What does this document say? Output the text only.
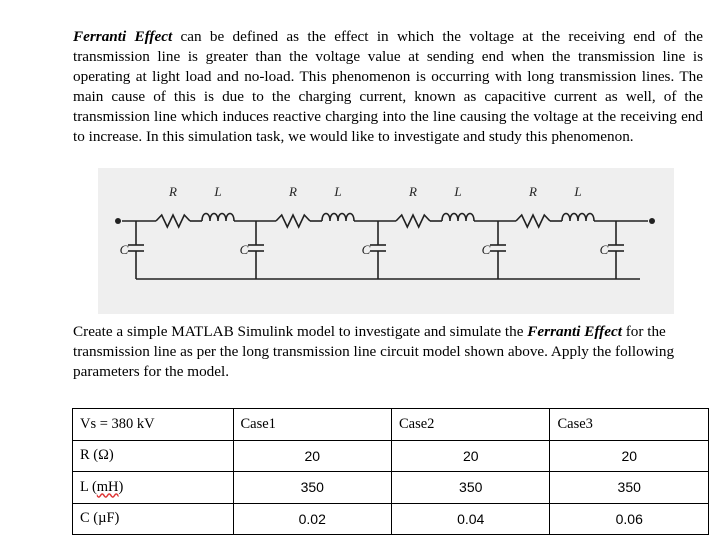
Ferranti Effect can be defined as the effect in which the voltage at the receiving end of the transmission line is greater than the voltage value at sending end when the transmission line is operating at light load and no-load. This phenomenon is occurring with long transmission lines. The main cause of this is due to the charging current, known as capacitive current as well, of the transmission line which induces reactive charging into the line causing the voltage at the receiving end to increase. In this simulation task, we would like to investigate and study this phenomenon.
C	C	C	C	C
R	L	R	L	R	L	R	L
Create a simple MATLAB Simulink model to investigate and simulate the Ferranti Effect for the transmission line as per the long transmission line circuit model shown above. Apply the following parameters for the model.
Vs = 380 kV	Case1	Case2	Case3
R (Ω)	20	20	20
L (mH)	350	350	350
C (µF)	0.02	0.04	0.06
